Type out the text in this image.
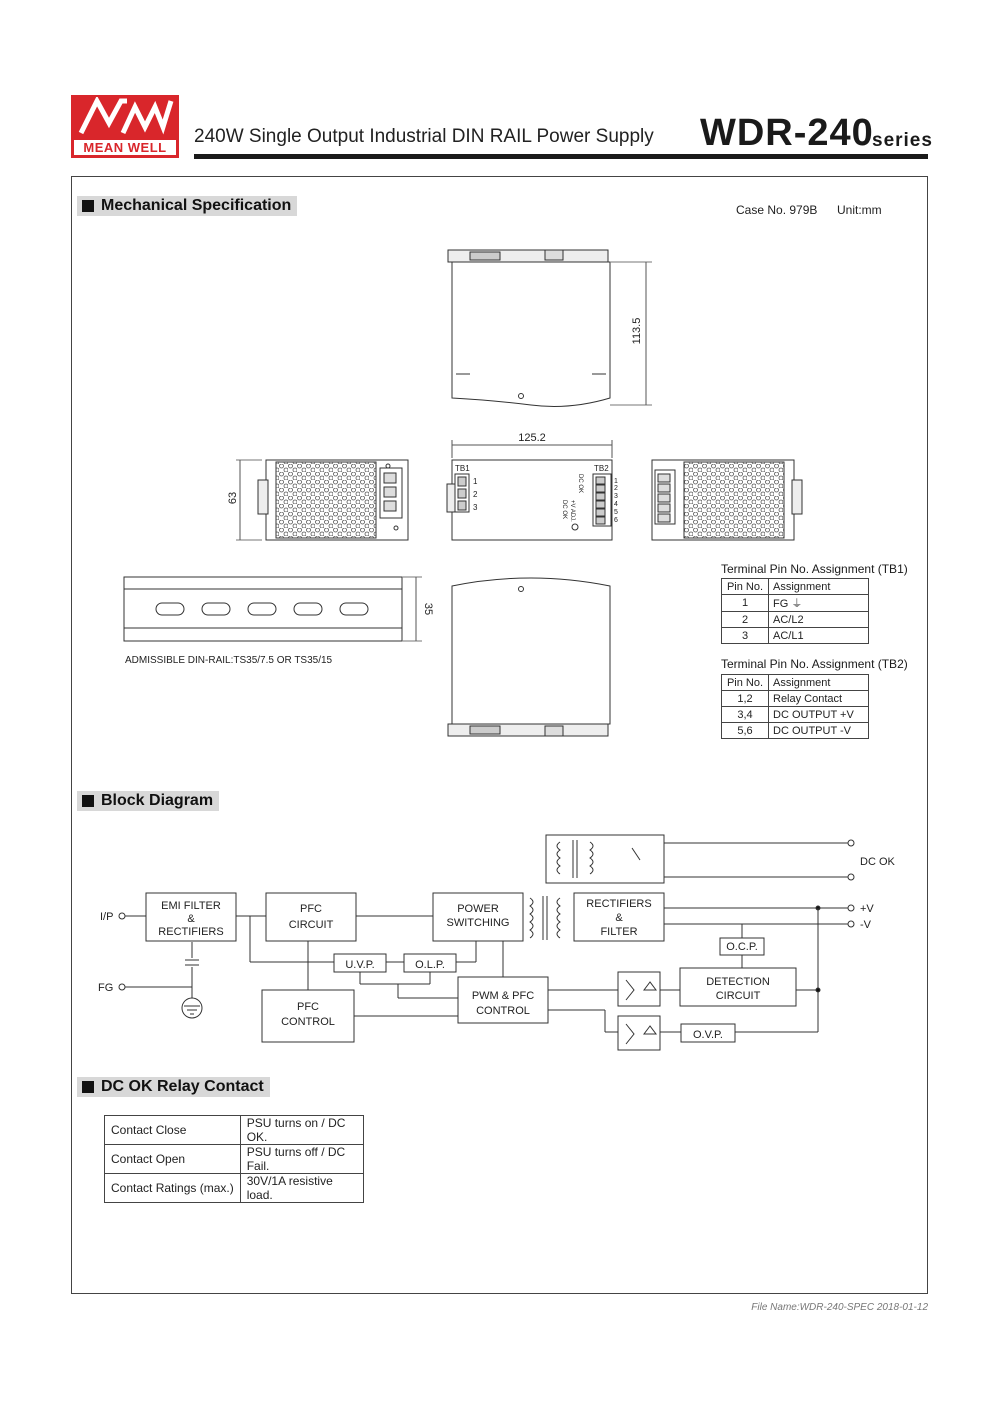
MEAN WELL
240W Single Output Industrial DIN RAIL Power Supply WDR-240
series
Mechanical Specification	Case No. 979B Unit:mm
113.5
125.2
63
TB1	TB2
1
2
3
1
2
3
4
5
6
DC OK
+V ADJ.
DC OK
35
ADMISSIBLE DIN-RAIL:TS35/7.5 OR TS35/15
Terminal Pin No. Assignment (TB1)
Pin No.	Assignment
1	FG ⏚
2	AC/L2
3	AC/L1
Terminal Pin No. Assignment (TB2)
Pin No.	Assignment
1,2	Relay Contact
3,4	DC OUTPUT +V
5,6	DC OUTPUT -V
Block Diagram
I/P
FG
EMI FILTER
&
RECTIFIERS
PFC
CIRCUIT
POWER
SWITCHING
RECTIFIERS
&
FILTER
U.V.P.	O.L.P.
PFC
CONTROL
PWM & PFC
CONTROL
O.C.P.
DETECTION
CIRCUIT
O.V.P.
DC OK
+V
-V
DC OK Relay Contact
Contact Close	PSU turns on / DC OK.
Contact Open	PSU turns off / DC Fail.
Contact Ratings (max.)	30V/1A resistive load.
File Name:WDR-240-SPEC 2018-01-12
